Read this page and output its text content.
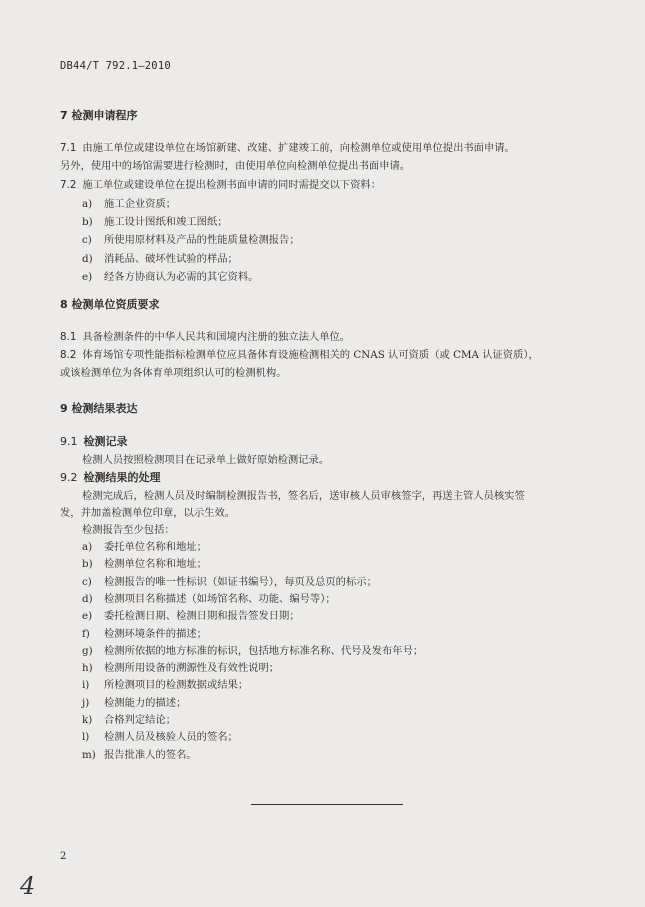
DB44/T 792.1—2010
7 检测申请程序
7.1 由施工单位或建设单位在场馆新建、改建、扩建竣工前，向检测单位或使用单位提出书面申请。
另外，使用中的场馆需要进行检测时，由使用单位向检测单位提出书面申请。
7.2 施工单位或建设单位在提出检测书面申请的同时需提交以下资料：
a) 施工企业资质；
b) 施工设计图纸和竣工图纸；
c) 所使用原材料及产品的性能质量检测报告；
d) 消耗品、破坏性试验的样品；
e) 经各方协商认为必需的其它资料。
8 检测单位资质要求
8.1 具备检测条件的中华人民共和国境内注册的独立法人单位。
8.2 体育场馆专项性能指标检测单位应具备体育设施检测相关的 CNAS 认可资质（或 CMA 认证资质），
或该检测单位为各体育单项组织认可的检测机构。
9 检测结果表达
9.1 检测记录
检测人员按照检测项目在记录单上做好原始检测记录。
9.2 检测结果的处理
检测完成后，检测人员及时编制检测报告书，签名后，送审核人员审核签字，再送主管人员核实签
发，并加盖检测单位印章，以示生效。
检测报告至少包括：
a) 委托单位名称和地址；
b) 检测单位名称和地址；
c) 检测报告的唯一性标识（如证书编号），每页及总页的标示；
d) 检测项目名称描述（如场馆名称、功能、编号等）；
e) 委托检测日期、检测日期和报告签发日期；
f) 检测环境条件的描述；
g) 检测所依据的地方标准的标识，包括地方标准名称、代号及发布年号；
h) 检测所用设备的溯源性及有效性说明；
i) 所检测项目的检测数据或结果；
j) 检测能力的描述；
k) 合格判定结论；
l) 检测人员及核验人员的签名；
m) 报告批准人的签名。
2
4
